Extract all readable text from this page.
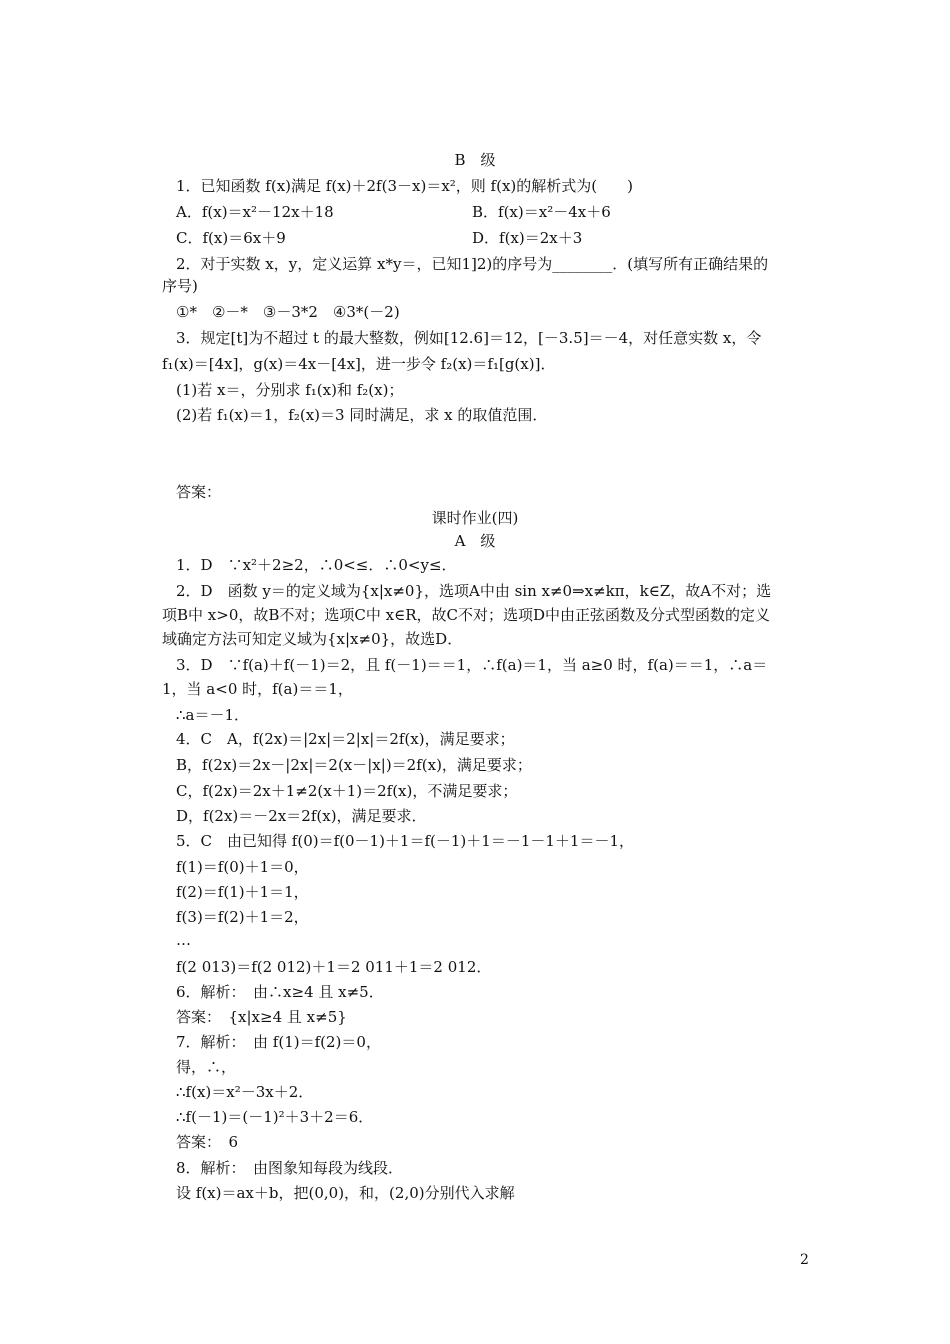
B　级
1．已知函数 f(x)满足 f(x)＋2f(3－x)＝x²，则 f(x)的解析式为(　　)
A．f(x)＝x²－12x＋18	B．f(x)＝x²－4x＋6
C．f(x)＝6x＋9	D．f(x)＝2x＋3
2．对于实数 x，y，定义运算 x*y＝，已知1]2)的序号为________．(填写所有正确结果的
序号)
①*　②－*　③－3*2　④3*(－2)
3．规定[t]为不超过 t 的最大整数，例如[12.6]＝12，[－3.5]＝－4，对任意实数 x，令
f₁(x)＝[4x]，g(x)＝4x－[4x]，进一步令 f₂(x)＝f₁[g(x)]．
(1)若 x＝，分别求 f₁(x)和 f₂(x)；
(2)若 f₁(x)＝1，f₂(x)＝3 同时满足，求 x 的取值范围．
答案：
课时作业(四)
A　级
1．D　∵x²＋2≥2，∴0<≤．∴0<y≤．
2．D　函数 y＝的定义域为{x|x≠0}，选项A中由 sin x≠0⇒x≠kπ，k∈Z，故A不对；选
项B中 x>0，故B不对；选项C中 x∈R，故C不对；选项D中由正弦函数及分式型函数的定义
域确定方法可知定义域为{x|x≠0}，故选D．
3．D　∵f(a)＋f(－1)＝2，且 f(－1)＝＝1，∴f(a)＝1，当 a≥0 时，f(a)＝＝1，∴a＝
1，当 a<0 时，f(a)＝＝1，
∴a＝－1．
4．C　A，f(2x)＝|2x|＝2|x|＝2f(x)，满足要求；
B，f(2x)＝2x－|2x|＝2(x－|x|)＝2f(x)，满足要求；
C，f(2x)＝2x＋1≠2(x＋1)＝2f(x)，不满足要求；
D，f(2x)＝－2x＝2f(x)，满足要求．
5．C　由已知得 f(0)＝f(0－1)＋1＝f(－1)＋1＝－1－1＋1＝－1，
f(1)＝f(0)＋1＝0，
f(2)＝f(1)＋1＝1，
f(3)＝f(2)＋1＝2，
…
f(2 013)＝f(2 012)＋1＝2 011＋1＝2 012．
6．解析：　由∴x≥4 且 x≠5．
答案：　{x|x≥4 且 x≠5}
7．解析：　由 f(1)＝f(2)＝0，
得，∴，
∴f(x)＝x²－3x＋2．
∴f(－1)＝(－1)²＋3＋2＝6．
答案：　6
8．解析：　由图象知每段为线段．
设 f(x)＝ax＋b，把(0,0)，和，(2,0)分别代入求解
2
